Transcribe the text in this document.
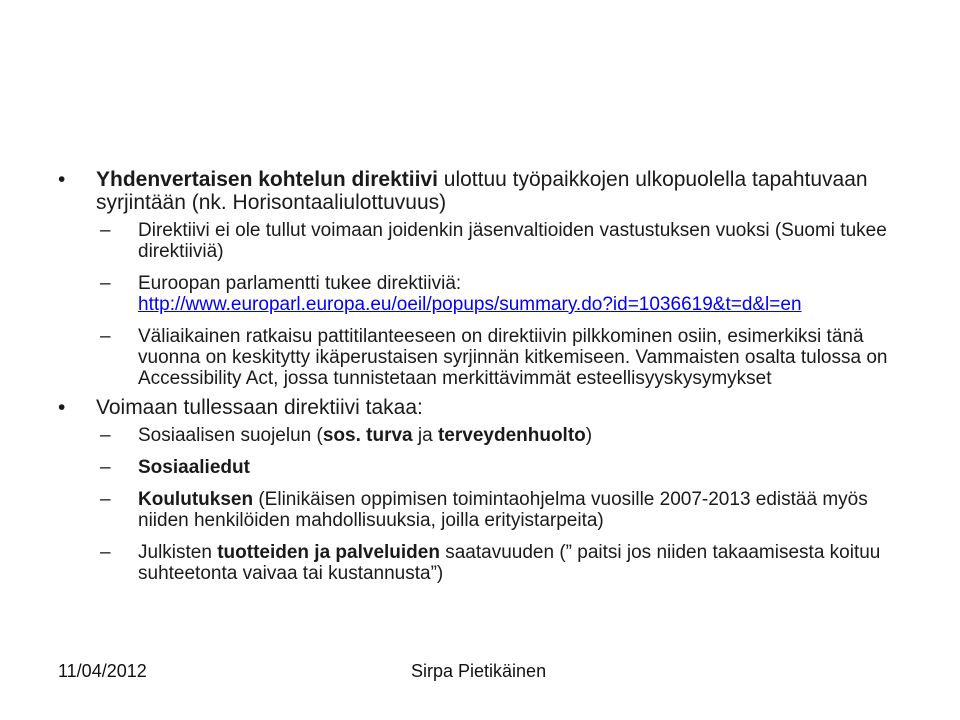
• Yhdenvertaisen kohtelun direktiivi ulottuu työpaikkojen ulkopuolella tapahtuvaan syrjintään (nk. Horisontaaliulottuvuus)
– Direktiivi ei ole tullut voimaan joidenkin jäsenvaltioiden vastustuksen vuoksi (Suomi tukee direktiiviä)
– Euroopan parlamentti tukee direktiiviä: http://www.europarl.europa.eu/oeil/popups/summary.do?id=1036619&t=d&l=en
– Väliaikainen ratkaisu pattitilanteeseen on direktiivin pilkkominen osiin, esimerkiksi tänä vuonna on keskitytty ikäperustaisen syrjinnän kitkemiseen. Vammaisten osalta tulossa on Accessibility Act, jossa tunnistetaan merkittävimmät esteellisyyskysymykset
• Voimaan tullessaan direktiivi takaa:
– Sosiaalisen suojelun (sos. turva ja terveydenhuolto)
– Sosiaaliedut
– Koulutuksen (Elinikäisen oppimisen toimintaohjelma vuosille 2007-2013 edistää myös niiden henkilöiden mahdollisuuksia, joilla erityistarpeita)
– Julkisten tuotteiden ja palveluiden saatavuuden (” paitsi jos niiden takaamisesta koituu suhteetonta vaivaa tai kustannusta”)
11/04/2012	Sirpa Pietikäinen
